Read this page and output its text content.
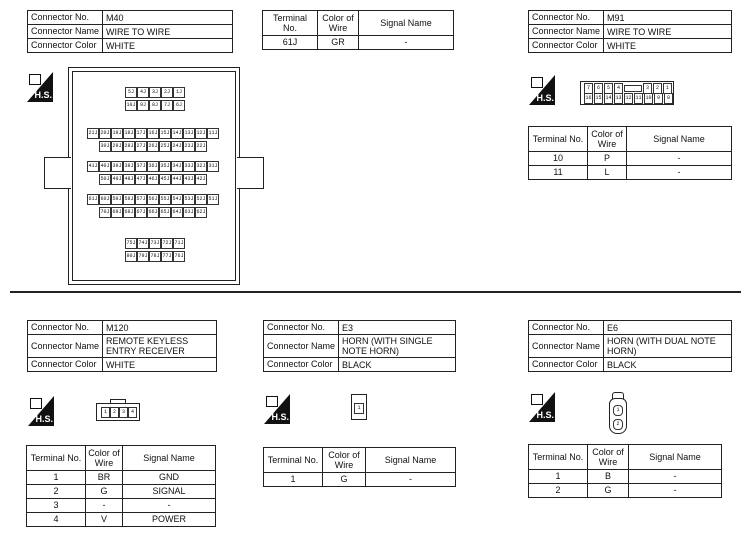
Connector No.	M40
Connector Name	WIRE TO WIRE
Connector Color	WHITE
H.S.	5J	4J	3J	2J	1J
10J 9J	8J	7J	6J
21J 20J 19J 18J 17J 16J 15J 14J 13J 12J 11J
30J 29J 28J 27J 26J 25J 24J 23J 22J
41J 40J 39J 38J 37J 36J 35J 34J 33J 32J 31J
50J 49J 48J 47J 46J 45J 44J 43J 42J
61J 60J 59J 58J 57J 56J 55J 54J 53J 52J 51J
70J 69J 68J 67J 66J 65J 64J 63J 62J
75J 74J 73J 72J 71J
80J 79J 78J 77J 76J
Terminal No.	Color of Wire	Signal Name
61J	GR	-
Connector No.	M91
Connector Name	WIRE TO WIRE
Connector Color	WHITE
H.S.
7	6	5	4	3	2	1
16 15 14 13 12 11 10	9	8
Terminal No.	Color of Wire	Signal Name
10	P	-
11	L	-
Connector No.	M120
Connector Name	REMOTE KEYLESS ENTRY RECEIVER
Connector Color	WHITE
H.S.
1	2	3	4
Terminal No.	Color of Wire	Signal Name
1	BR	GND
2	G	SIGNAL
3	-	-
4	V	POWER
Connector No.	E3
Connector Name	HORN (WITH SINGLE NOTE HORN)
Connector Color	BLACK
H.S.
1
Terminal No.	Color of Wire	Signal Name
1	G	-
Connector No.	E6
Connector Name	HORN (WITH DUAL NOTE HORN)
Connector Color	BLACK
H.S.	1
2
Terminal No.	Color of Wire	Signal Name
1	B	-
2	G	-
